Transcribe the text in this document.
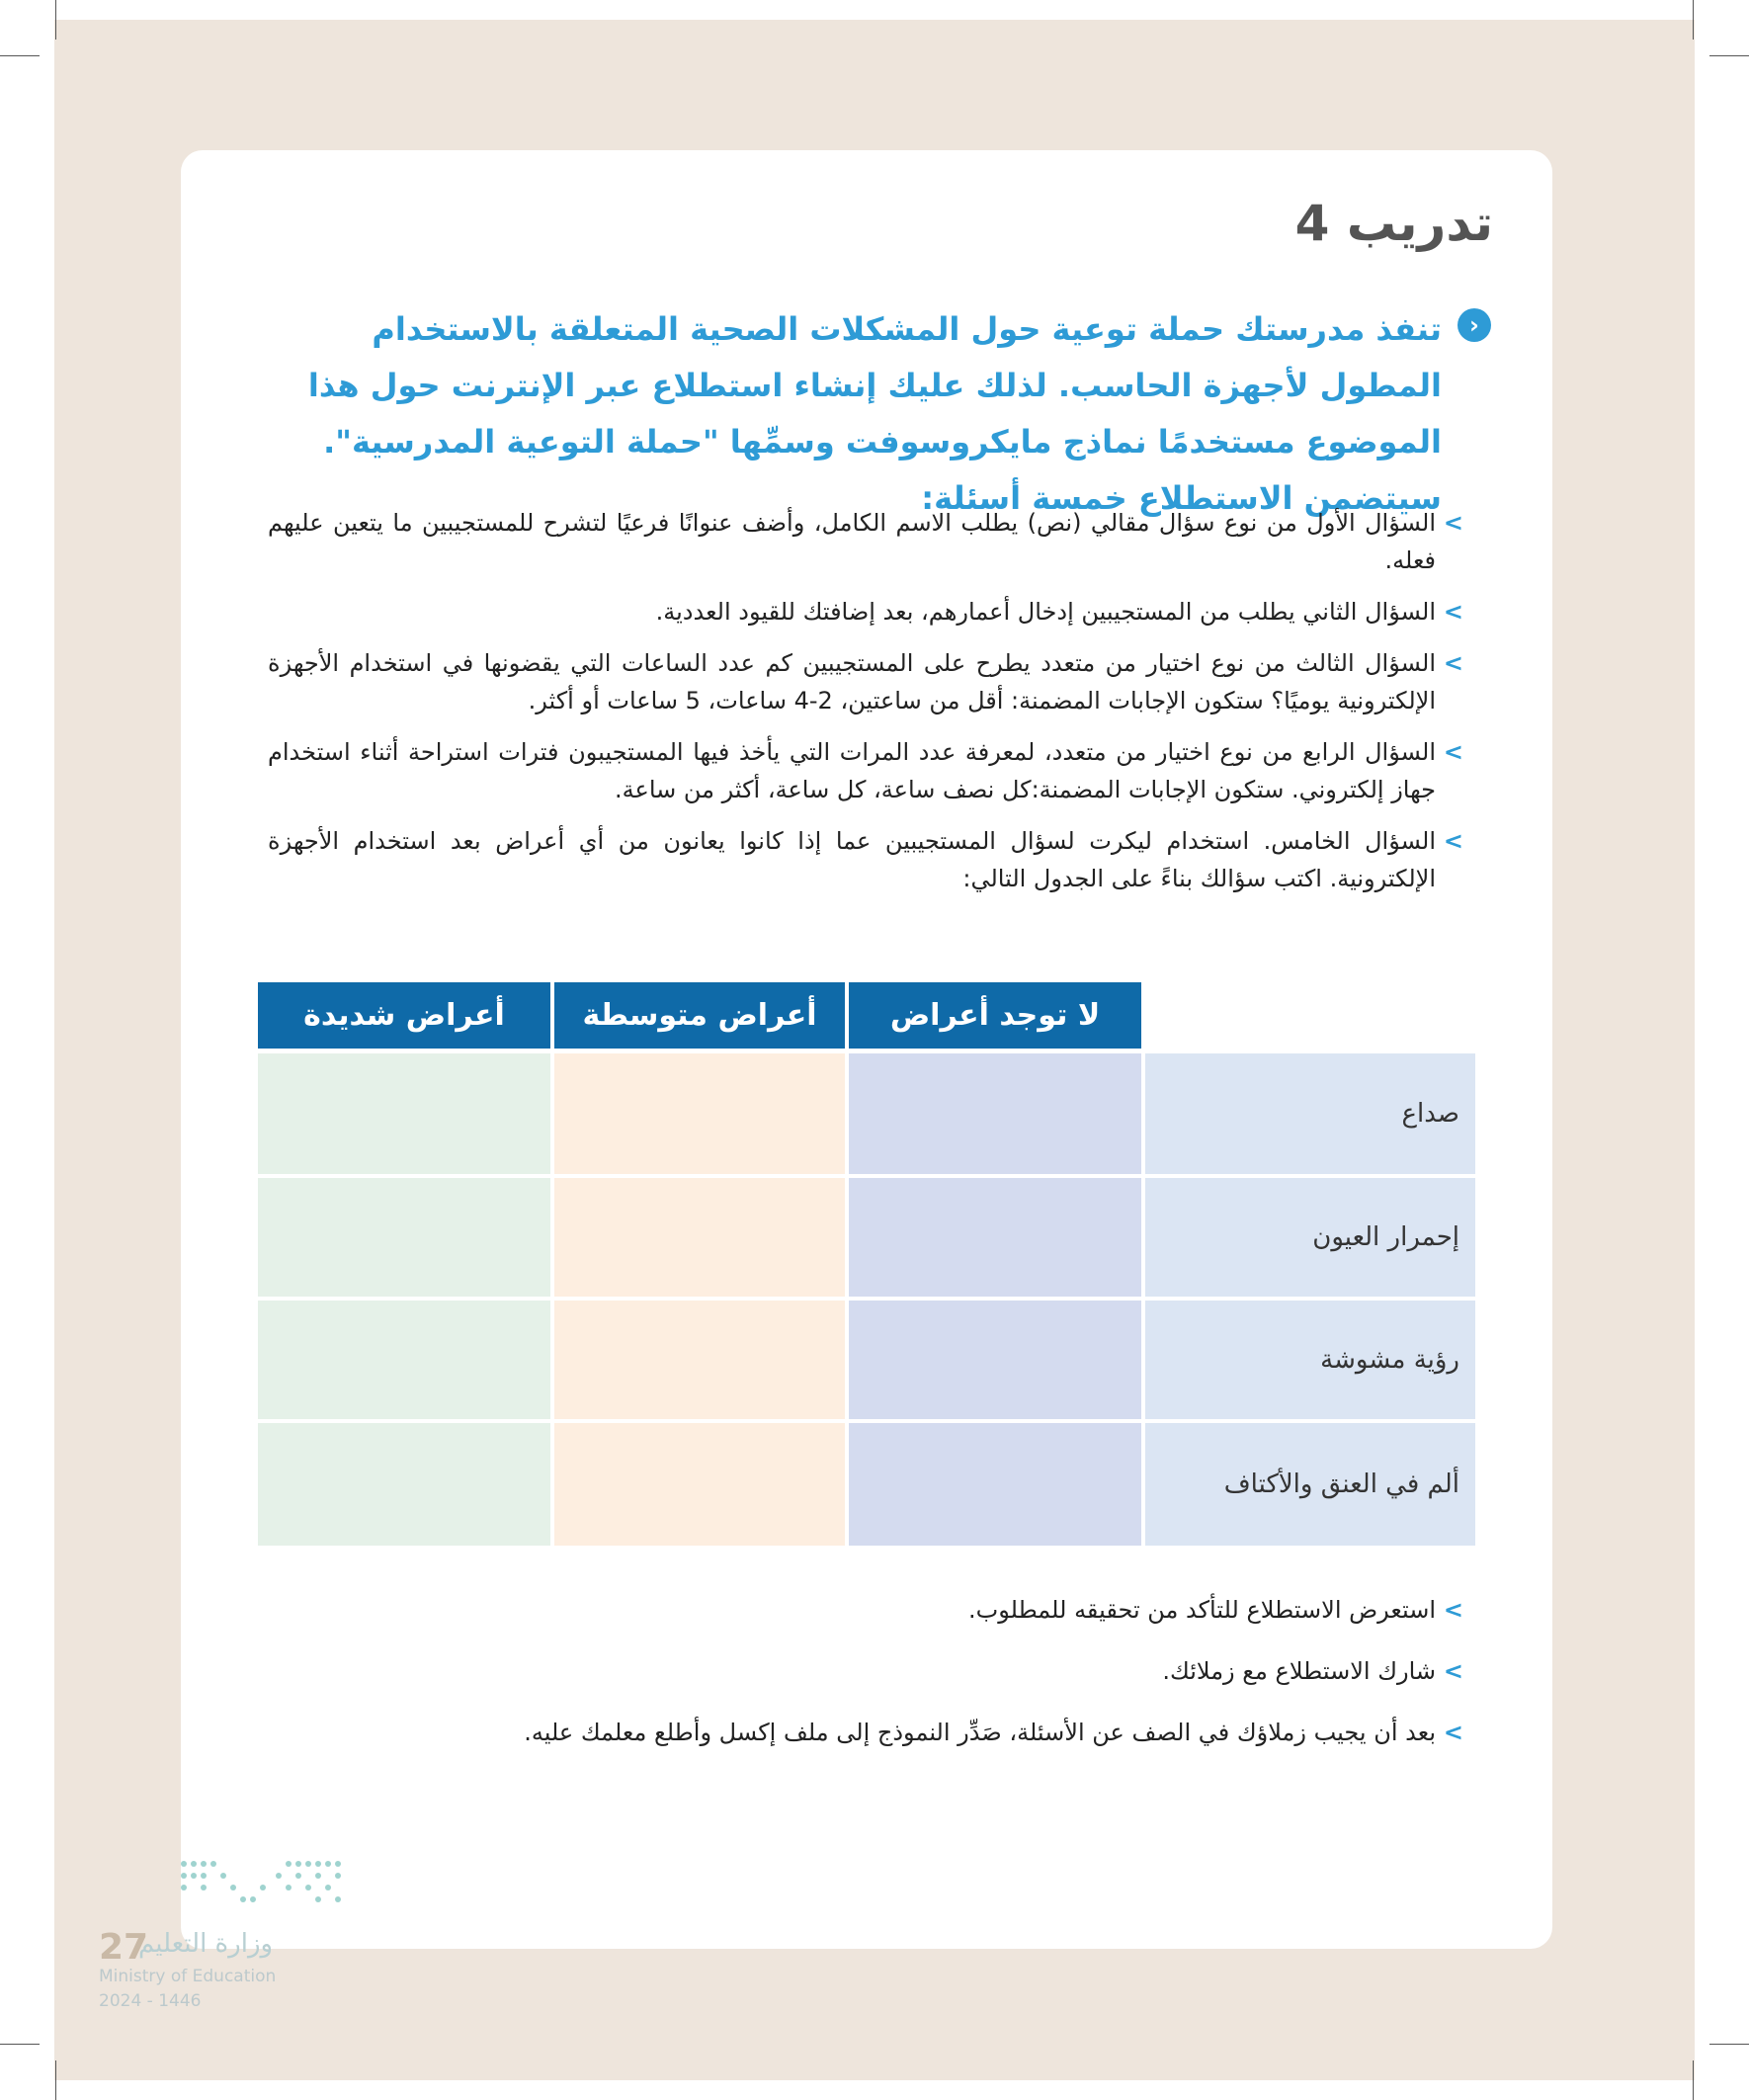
تدريب 4
›
تنفذ مدرستك حملة توعية حول المشكلات الصحية المتعلقة بالاستخدام المطول لأجهزة الحاسب. لذلك عليك إنشاء استطلاع عبر الإنترنت حول هذا الموضوع مستخدمًا نماذج مايكروسوفت وسمِّها "حملة التوعية المدرسية". سيتضمن الاستطلاع خمسة أسئلة:
>
السؤال الأول من نوع سؤال مقالي (نص) يطلب الاسم الكامل، وأضف عنوانًا فرعيًا لتشرح للمستجيبين ما يتعين عليهم فعله.
>
السؤال الثاني يطلب من المستجيبين إدخال أعمارهم، بعد إضافتك للقيود العددية.
>
السؤال الثالث من نوع اختيار من متعدد يطرح على المستجيبين كم عدد الساعات التي يقضونها في استخدام الأجهزة الإلكترونية يوميًا؟ ستكون الإجابات المضمنة: أقل من ساعتين، 2-4 ساعات، 5 ساعات أو أكثر.
>
السؤال الرابع من نوع اختيار من متعدد، لمعرفة عدد المرات التي يأخذ فيها المستجيبون فترات استراحة أثناء استخدام جهاز إلكتروني. ستكون الإجابات المضمنة:كل نصف ساعة، كل ساعة، أكثر من ساعة.
>
السؤال الخامس. استخدام ليكرت لسؤال المستجيبين عما إذا كانوا يعانون من أي أعراض بعد استخدام الأجهزة الإلكترونية. اكتب سؤالك بناءً على الجدول التالي:
لا توجد أعراض
أعراض متوسطة
أعراض شديدة
صداع
إحمرار العيون
رؤية مشوشة
ألم في العنق والأكتاف
>
استعرض الاستطلاع للتأكد من تحقيقه للمطلوب.
>
شارك الاستطلاع مع زملائك.
>
بعد أن يجيب زملاؤك في الصف عن الأسئلة، صَدِّر النموذج إلى ملف إكسل وأطلع معلمك عليه.
27
وزارة التعليم
Ministry of Education
2024 - 1446
